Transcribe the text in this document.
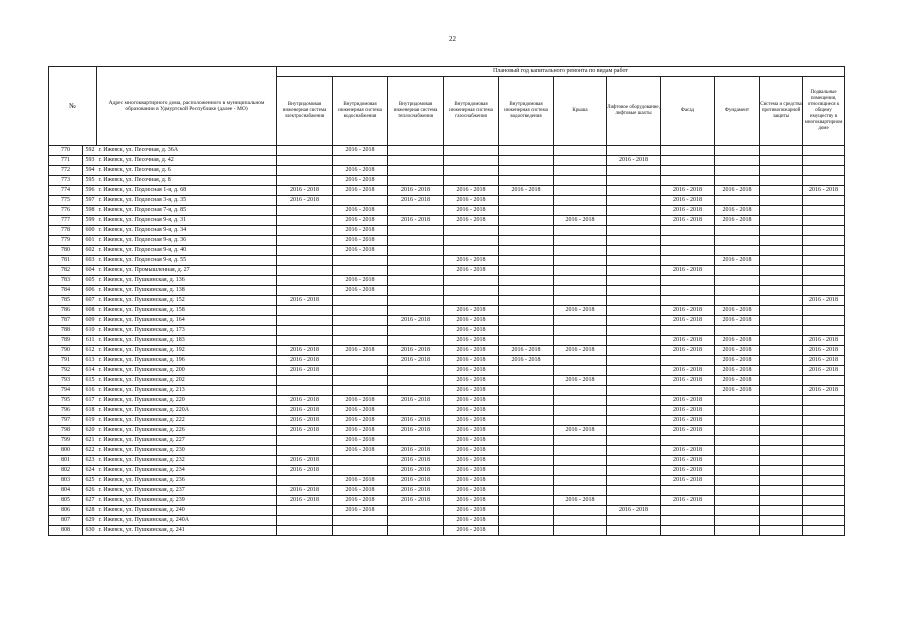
22
№		Адрес многоквартирного дома, расположенного в муниципальном образовании в Удмуртской Республике (далее - МО)	Плановый год капитального ремонта по видам работ										
			Внутридомовая инженерная система электроснабжения	Внутридомовая инженерная система водоснабжения	Внутридомовая инженерная система теплоснабжения	Внутридомовая инженерная система газоснабжения	Внутридомовая инженерная система водоотведения	Крыша	Лифтовое оборудование, лифтовые шахты	Фасад	Фундамент	Система и средства противопожарной защиты	Подвальные помещения, относящиеся к общему имуществу в многоквартирном доме
770	592	г. Ижевск, ул. Песочная, д. 36А		2016 - 2018									
771	593	г. Ижевск, ул. Песочная, д. 42							2016 - 2018				
772	594	г. Ижевск, ул. Песочная, д. 6		2016 - 2018									
773	595	г. Ижевск, ул. Песочная, д. 8		2016 - 2018									
774	596	г. Ижевск, ул. Подлесная 1-я, д. 68	2016 - 2018	2016 - 2018	2016 - 2018	2016 - 2018	2016 - 2018			2016 - 2018	2016 - 2018		2016 - 2018
775	597	г. Ижевск, ул. Подлесная 3-я, д. 35	2016 - 2018		2016 - 2018	2016 - 2018				2016 - 2018			
776	598	г. Ижевск, ул. Подлесная 7-я, д. 85		2016 - 2018		2016 - 2018				2016 - 2018	2016 - 2018		
777	599	г. Ижевск, ул. Подлесная 9-я, д. 31		2016 - 2018	2016 - 2018	2016 - 2018		2016 - 2018		2016 - 2018	2016 - 2018		
778	600	г. Ижевск, ул. Подлесная 9-я, д. 34		2016 - 2018									
779	601	г. Ижевск, ул. Подлесная 9-я, д. 36		2016 - 2018									
780	602	г. Ижевск, ул. Подлесная 9-я, д. 40		2016 - 2018									
781	603	г. Ижевск, ул. Подлесная 9-я, д. 55				2016 - 2018					2016 - 2018		
782	604	г. Ижевск, ул. Промышленная, д. 27				2016 - 2018				2016 - 2018			
783	605	г. Ижевск, ул. Пушкинская, д. 136		2016 - 2018									
784	606	г. Ижевск, ул. Пушкинская, д. 138		2016 - 2018									
785	607	г. Ижевск, ул. Пушкинская, д. 152	2016 - 2018										2016 - 2018
786	608	г. Ижевск, ул. Пушкинская, д. 158				2016 - 2018		2016 - 2018		2016 - 2018	2016 - 2018		
787	609	г. Ижевск, ул. Пушкинская, д. 164			2016 - 2018	2016 - 2018				2016 - 2018	2016 - 2018		
788	610	г. Ижевск, ул. Пушкинская, д. 173				2016 - 2018							
789	611	г. Ижевск, ул. Пушкинская, д. 183				2016 - 2018				2016 - 2018	2016 - 2018		2016 - 2018
790	612	г. Ижевск, ул. Пушкинская, д. 192	2016 - 2018	2016 - 2018	2016 - 2018	2016 - 2018	2016 - 2018	2016 - 2018		2016 - 2018	2016 - 2018		2016 - 2018
791	613	г. Ижевск, ул. Пушкинская, д. 196	2016 - 2018		2016 - 2018	2016 - 2018	2016 - 2018				2016 - 2018		2016 - 2018
792	614	г. Ижевск, ул. Пушкинская, д. 200	2016 - 2018			2016 - 2018				2016 - 2018	2016 - 2018		2016 - 2018
793	615	г. Ижевск, ул. Пушкинская, д. 202				2016 - 2018		2016 - 2018		2016 - 2018	2016 - 2018		
794	616	г. Ижевск, ул. Пушкинская, д. 213				2016 - 2018					2016 - 2018		2016 - 2018
795	617	г. Ижевск, ул. Пушкинская, д. 220	2016 - 2018	2016 - 2018	2016 - 2018	2016 - 2018				2016 - 2018			
796	618	г. Ижевск, ул. Пушкинская, д. 220А	2016 - 2018	2016 - 2018		2016 - 2018				2016 - 2018			
797	619	г. Ижевск, ул. Пушкинская, д. 222	2016 - 2018	2016 - 2018	2016 - 2018	2016 - 2018				2016 - 2018			
798	620	г. Ижевск, ул. Пушкинская, д. 226	2016 - 2018	2016 - 2018	2016 - 2018	2016 - 2018		2016 - 2018		2016 - 2018			
799	621	г. Ижевск, ул. Пушкинская, д. 227		2016 - 2018		2016 - 2018							
800	622	г. Ижевск, ул. Пушкинская, д. 230		2016 - 2018	2016 - 2018	2016 - 2018				2016 - 2018			
801	623	г. Ижевск, ул. Пушкинская, д. 232	2016 - 2018		2016 - 2018	2016 - 2018				2016 - 2018			
802	624	г. Ижевск, ул. Пушкинская, д. 234	2016 - 2018		2016 - 2018	2016 - 2018				2016 - 2018			
803	625	г. Ижевск, ул. Пушкинская, д. 236		2016 - 2018	2016 - 2018	2016 - 2018				2016 - 2018			
804	626	г. Ижевск, ул. Пушкинская, д. 237	2016 - 2018	2016 - 2018	2016 - 2018	2016 - 2018							
805	627	г. Ижевск, ул. Пушкинская, д. 239	2016 - 2018	2016 - 2018	2016 - 2018	2016 - 2018		2016 - 2018		2016 - 2018			
806	628	г. Ижевск, ул. Пушкинская, д. 240		2016 - 2018		2016 - 2018			2016 - 2018				
807	629	г. Ижевск, ул. Пушкинская, д. 240А				2016 - 2018							
808	630	г. Ижевск, ул. Пушкинская, д. 241				2016 - 2018							
